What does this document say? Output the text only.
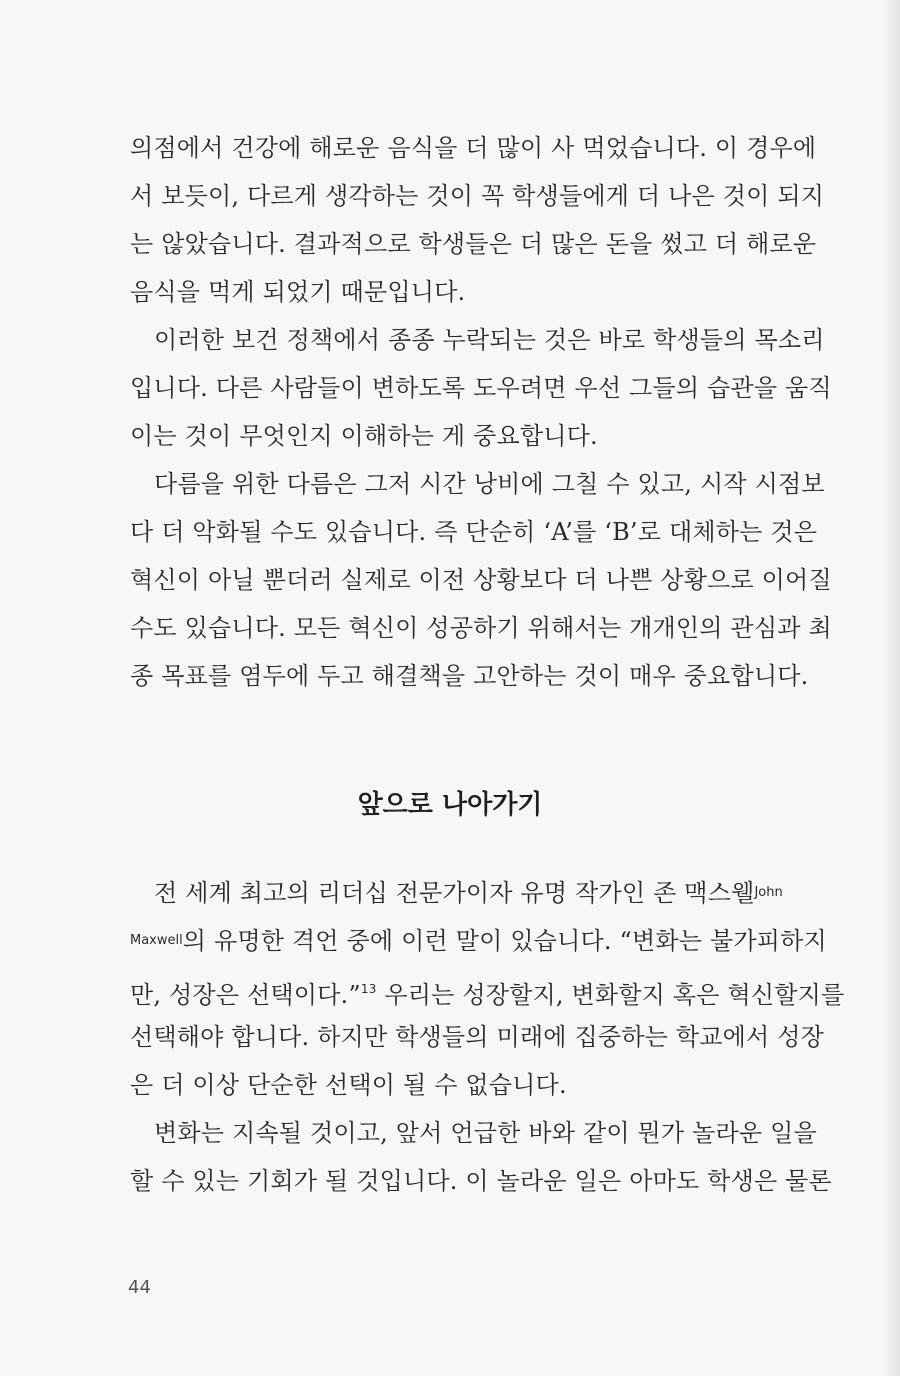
의점에서 건강에 해로운 음식을 더 많이 사 먹었습니다. 이 경우에
서 보듯이, 다르게 생각하는 것이 꼭 학생들에게 더 나은 것이 되지
는 않았습니다. 결과적으로 학생들은 더 많은 돈을 썼고 더 해로운
음식을 먹게 되었기 때문입니다.
이러한 보건 정책에서 종종 누락되는 것은 바로 학생들의 목소리
입니다. 다른 사람들이 변하도록 도우려면 우선 그들의 습관을 움직
이는 것이 무엇인지 이해하는 게 중요합니다.
다름을 위한 다름은 그저 시간 낭비에 그칠 수 있고, 시작 시점보
다 더 악화될 수도 있습니다. 즉 단순히 ‘A’를 ‘B’로 대체하는 것은
혁신이 아닐 뿐더러 실제로 이전 상황보다 더 나쁜 상황으로 이어질
수도 있습니다. 모든 혁신이 성공하기 위해서는 개개인의 관심과 최
종 목표를 염두에 두고 해결책을 고안하는 것이 매우 중요합니다.
앞으로 나아가기
전 세계 최고의 리더십 전문가이자 유명 작가인 존 맥스웰$^{John}$
$^{Maxwell}$의 유명한 격언 중에 이런 말이 있습니다. “변화는 불가피하지
만, 성장은 선택이다.”$^{13}$ 우리는 성장할지, 변화할지 혹은 혁신할지를
선택해야 합니다. 하지만 학생들의 미래에 집중하는 학교에서 성장
은 더 이상 단순한 선택이 될 수 없습니다.
변화는 지속될 것이고, 앞서 언급한 바와 같이 뭔가 놀라운 일을
할 수 있는 기회가 될 것입니다. 이 놀라운 일은 아마도 학생은 물론
44
